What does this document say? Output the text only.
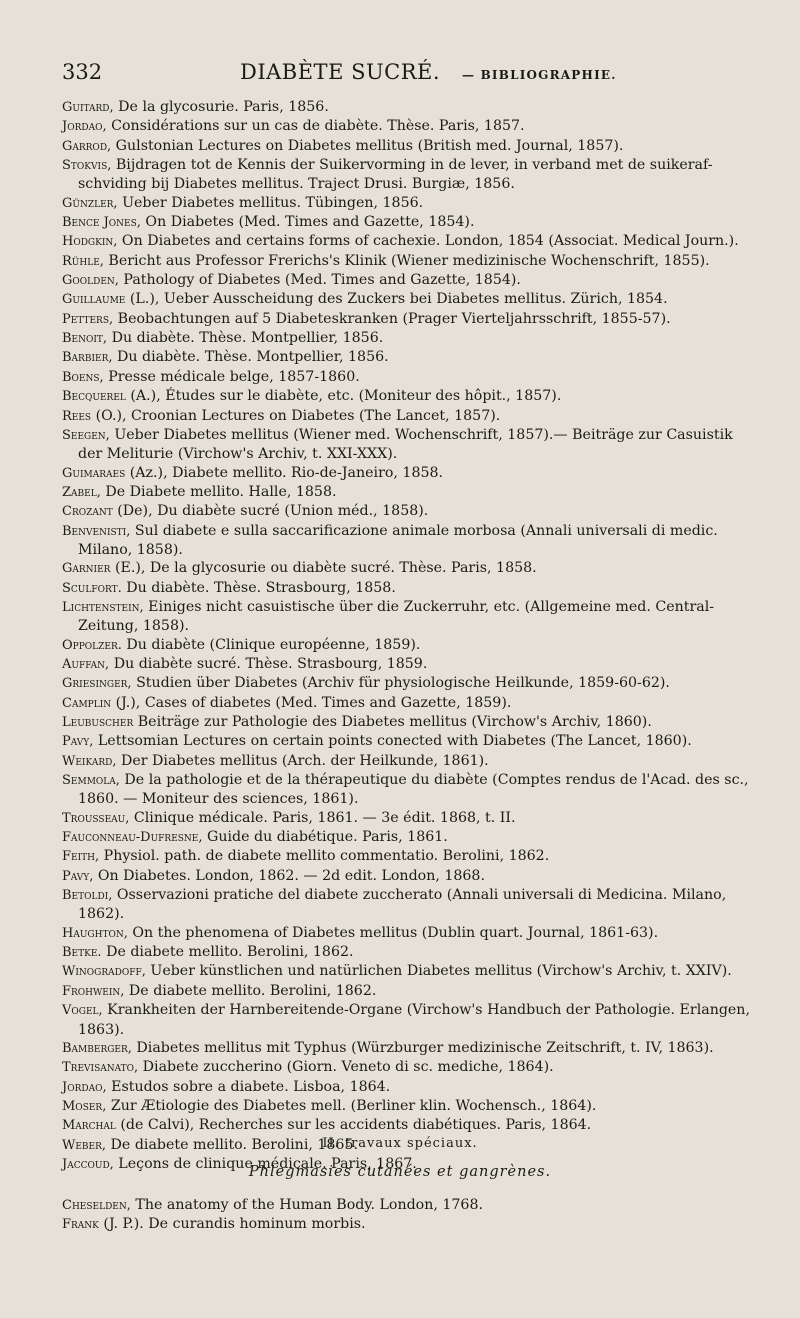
332	DIABÈTE SUCRÉ. — BIBLIOGRAPHIE.

Guitard, De la glycosurie. Paris, 1856.

Jordao, Considérations sur un cas de diabète. Thèse. Paris, 1857.

Garrod, Gulstonian Lectures on Diabetes mellitus (British med. Journal, 1857).

Stokvis, Bijdragen tot de Kennis der Suikervorming in de lever, in verband met de suikeraf-schviding bij Diabetes mellitus. Traject Drusi. Burgiæ, 1856.

Günzler, Ueber Diabetes mellitus. Tübingen, 1856.

Bence Jones, On Diabetes (Med. Times and Gazette, 1854).

Hodgkin, On Diabetes and certains forms of cachexie. London, 1854 (Associat. Medical Journ.).

Rühle, Bericht aus Professor Frerichs's Klinik (Wiener medizinische Wochenschrift, 1855).

Goolden, Pathology of Diabetes (Med. Times and Gazette, 1854).

Guillaume (L.), Ueber Ausscheidung des Zuckers bei Diabetes mellitus. Zürich, 1854.

Petters, Beobachtungen auf 5 Diabeteskranken (Prager Vierteljahrsschrift, 1855-57).

Benoit, Du diabète. Thèse. Montpellier, 1856.

Barbier, Du diabète. Thèse. Montpellier, 1856.

Boens, Presse médicale belge, 1857-1860.

Becquerel (A.), Études sur le diabète, etc. (Moniteur des hôpit., 1857).

Rees (O.), Croonian Lectures on Diabetes (The Lancet, 1857).

Seegen, Ueber Diabetes mellitus (Wiener med. Wochenschrift, 1857).— Beiträge zur Casuistik der Meliturie (Virchow's Archiv, t. XXI-XXX).

Guimaraes (Az.), Diabete mellito. Rio-de-Janeiro, 1858.

Zabel, De Diabete mellito. Halle, 1858.

Crozant (De), Du diabète sucré (Union méd., 1858).

Benvenisti, Sul diabete e sulla saccarificazione animale morbosa (Annali universali di medic. Milano, 1858).

Garnier (E.), De la glycosurie ou diabète sucré. Thèse. Paris, 1858.

Sculfort. Du diabète. Thèse. Strasbourg, 1858.

Lichtenstein, Einiges nicht casuistische über die Zuckerruhr, etc. (Allgemeine med. Central-Zeitung, 1858).

Oppolzer. Du diabète (Clinique européenne, 1859).

Auffan, Du diabète sucré. Thèse. Strasbourg, 1859.

Griesinger, Studien über Diabetes (Archiv für physiologische Heilkunde, 1859-60-62).

Camplin (J.), Cases of diabetes (Med. Times and Gazette, 1859).

Leubuscher Beiträge zur Pathologie des Diabetes mellitus (Virchow's Archiv, 1860).

Pavy, Lettsomian Lectures on certain points conected with Diabetes (The Lancet, 1860).

Weikard, Der Diabetes mellitus (Arch. der Heilkunde, 1861).

Semmola, De la pathologie et de la thérapeutique du diabète (Comptes rendus de l'Acad. des sc., 1860. — Moniteur des sciences, 1861).

Trousseau, Clinique médicale. Paris, 1861. — 3e édit. 1868, t. II.

Fauconneau-Dufresne, Guide du diabétique. Paris, 1861.

Feith, Physiol. path. de diabete mellito commentatio. Berolini, 1862.

Pavy, On Diabetes. London, 1862. — 2d edit. London, 1868.

Betoldi, Osservazioni pratiche del diabete zuccherato (Annali universali di Medicina. Milano, 1862).

Haughton, On the phenomena of Diabetes mellitus (Dublin quart. Journal, 1861-63).

Betke. De diabete mellito. Berolini, 1862.

Winogradoff, Ueber künstlichen und natürlichen Diabetes mellitus (Virchow's Archiv, t. XXIV).

Frohwein, De diabete mellito. Berolini, 1862.

Vogel, Krankheiten der Harnbereitende-Organe (Virchow's Handbuch der Pathologie. Erlangen, 1863).

Bamberger, Diabetes mellitus mit Typhus (Würzburger medizinische Zeitschrift, t. IV, 1863).

Trevisanato, Diabete zuccherino (Giorn. Veneto di sc. mediche, 1864).

Jordao, Estudos sobre a diabete. Lisboa, 1864.

Moser, Zur Ætiologie des Diabetes mell. (Berliner klin. Wochensch., 1864).

Marchal (de Calvi), Recherches sur les accidents diabétiques. Paris, 1864.

Weber, De diabete mellito. Berolini, 1865.

Jaccoud, Leçons de clinique médicale. Paris, 1867.

II. travaux spéciaux.
Phlegmasies cutanées et gangrènes.

Cheselden, The anatomy of the Human Body. London, 1768.

Frank (J. P.). De curandis hominum morbis.
